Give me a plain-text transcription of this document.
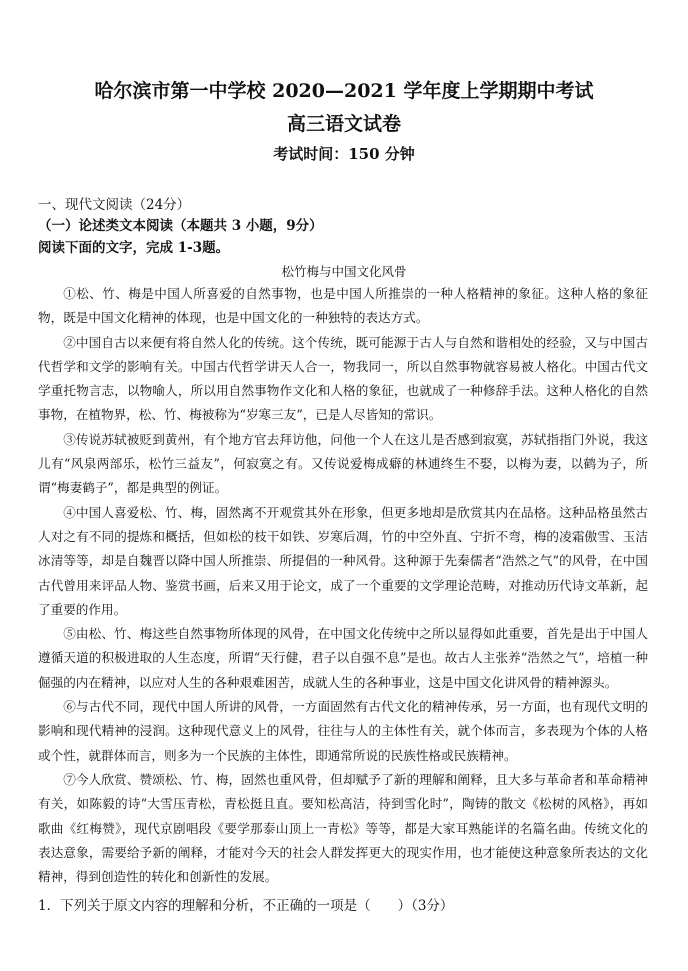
哈尔滨市第一中学校 2020—2021 学年度上学期期中考试
高三语文试卷
考试时间：150 分钟
一、现代文阅读（24分）
（一）论述类文本阅读（本题共 3 小题，9分）
阅读下面的文字，完成 1-3题。
松竹梅与中国文化风骨

①松、竹、梅是中国人所喜爱的自然事物，也是中国人所推崇的一种人格精神的象征。这种人格的象征物，既是中国文化精神的体现，也是中国文化的一种独特的表达方式。

②中国自古以来便有将自然人化的传统。这个传统，既可能源于古人与自然和谐相处的经验，又与中国古代哲学和文学的影响有关。中国古代哲学讲天人合一，物我同一，所以自然事物就容易被人格化。中国古代文学重托物言志，以物喻人，所以用自然事物作文化和人格的象征，也就成了一种修辞手法。这种人格化的自然事物，在植物界，松、竹、梅被称为“岁寒三友”，已是人尽皆知的常识。

③传说苏轼被贬到黄州，有个地方官去拜访他，问他一个人在这儿是否感到寂寞，苏轼指指门外说，我这儿有“风泉两部乐，松竹三益友”，何寂寞之有。又传说爱梅成癖的林逋终生不娶，以梅为妻，以鹤为子，所谓“梅妻鹤子”，都是典型的例证。

④中国人喜爱松、竹、梅，固然离不开观赏其外在形象，但更多地却是欣赏其内在品格。这种品格虽然古人对之有不同的提炼和概括，但如松的枝干如铁、岁寒后凋，竹的中空外直、宁折不弯，梅的凌霜傲雪、玉洁冰清等等，却是自魏晋以降中国人所推崇、所提倡的一种风骨。这种源于先秦儒者“浩然之气”的风骨，在中国古代曾用来评品人物、鉴赏书画，后来又用于论文，成了一个重要的文学理论范畴，对推动历代诗文革新，起了重要的作用。

⑤由松、竹、梅这些自然事物所体现的风骨，在中国文化传统中之所以显得如此重要，首先是出于中国人遵循天道的积极进取的人生态度，所谓“天行健，君子以自强不息”是也。故古人主张养“浩然之气”，培植一种倔强的内在精神，以应对人生的各种艰难困苦，成就人生的各种事业，这是中国文化讲风骨的精神源头。

⑥与古代不同，现代中国人所讲的风骨，一方面固然有古代文化的精神传承，另一方面，也有现代文明的影响和现代精神的浸润。这种现代意义上的风骨，往往与人的主体性有关，就个体而言，多表现为个体的人格或个性，就群体而言，则多为一个民族的主体性，即通常所说的民族性格或民族精神。

⑦今人欣赏、赞颂松、竹、梅，固然也重风骨，但却赋予了新的理解和阐释，且大多与革命者和革命精神有关，如陈毅的诗“大雪压青松，青松挺且直。要知松高洁，待到雪化时”，陶铸的散文《松树的风格》，再如歌曲《红梅赞》，现代京剧唱段《要学那泰山顶上一青松》等等，都是大家耳熟能详的名篇名曲。传统文化的表达意象，需要给予新的阐释，才能对今天的社会人群发挥更大的现实作用，也才能使这种意象所表达的文化精神，得到创造性的转化和创新性的发展。

1．下列关于原文内容的理解和分析，不正确的一项是（　　）（3分）
